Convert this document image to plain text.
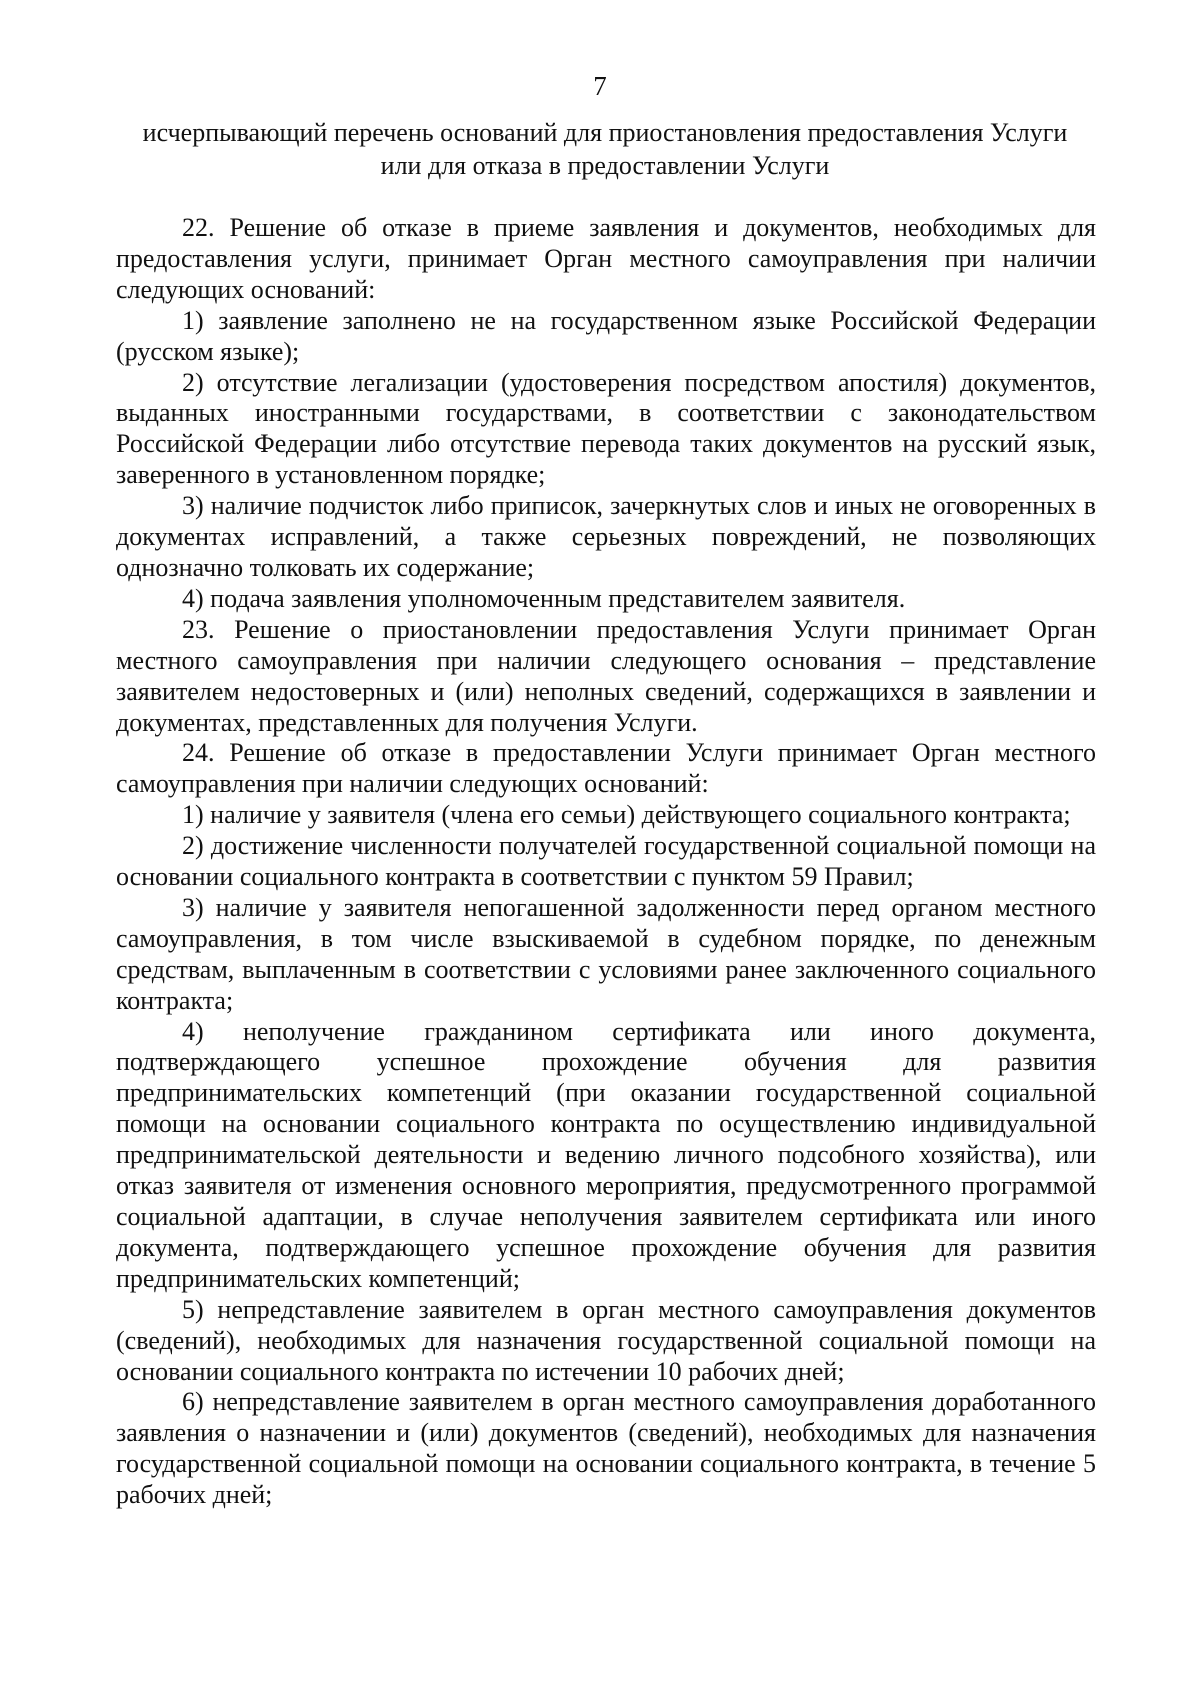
7
исчерпывающий перечень оснований для приостановления предоставления Услуги
или для отказа в предоставлении Услуги

22. Решение об отказе в приеме заявления и документов, необходимых для предоставления услуги, принимает Орган местного самоуправления при наличии следующих оснований:

1) заявление заполнено не на государственном языке Российской Федерации (русском языке);

2) отсутствие легализации (удостоверения посредством апостиля) документов, выданных иностранными государствами, в соответствии с законодательством Российской Федерации либо отсутствие перевода таких документов на русский язык, заверенного в установленном порядке;

3) наличие подчисток либо приписок, зачеркнутых слов и иных не оговоренных в документах исправлений, а также серьезных повреждений, не позволяющих однозначно толковать их содержание;

4) подача заявления уполномоченным представителем заявителя.

23. Решение о приостановлении предоставления Услуги принимает Орган местного самоуправления при наличии следующего основания – представление заявителем недостоверных и (или) неполных сведений, содержащихся в заявлении и документах, представленных для получения Услуги.

24. Решение об отказе в предоставлении Услуги принимает Орган местного самоуправления при наличии следующих оснований:

1) наличие у заявителя (члена его семьи) действующего социального контракта;

2) достижение численности получателей государственной социальной помощи на основании социального контракта в соответствии с пунктом 59 Правил;

3) наличие у заявителя непогашенной задолженности перед органом местного самоуправления, в том числе взыскиваемой в судебном порядке, по денежным средствам, выплаченным в соответствии с условиями ранее заключенного социального контракта;

4) неполучение гражданином сертификата или иного документа, подтверждающего успешное прохождение обучения для развития предпринимательских компетенций (при оказании государственной социальной помощи на основании социального контракта по осуществлению индивидуальной предпринимательской деятельности и ведению личного подсобного хозяйства), или отказ заявителя от изменения основного мероприятия, предусмотренного программой социальной адаптации, в случае неполучения заявителем сертификата или иного документа, подтверждающего успешное прохождение обучения для развития предпринимательских компетенций;

5) непредставление заявителем в орган местного самоуправления документов (сведений), необходимых для назначения государственной социальной помощи на основании социального контракта по истечении 10 рабочих дней;

6) непредставление заявителем в орган местного самоуправления доработанного заявления о назначении и (или) документов (сведений), необходимых для назначения государственной социальной помощи на основании социального контракта, в течение 5 рабочих дней;
